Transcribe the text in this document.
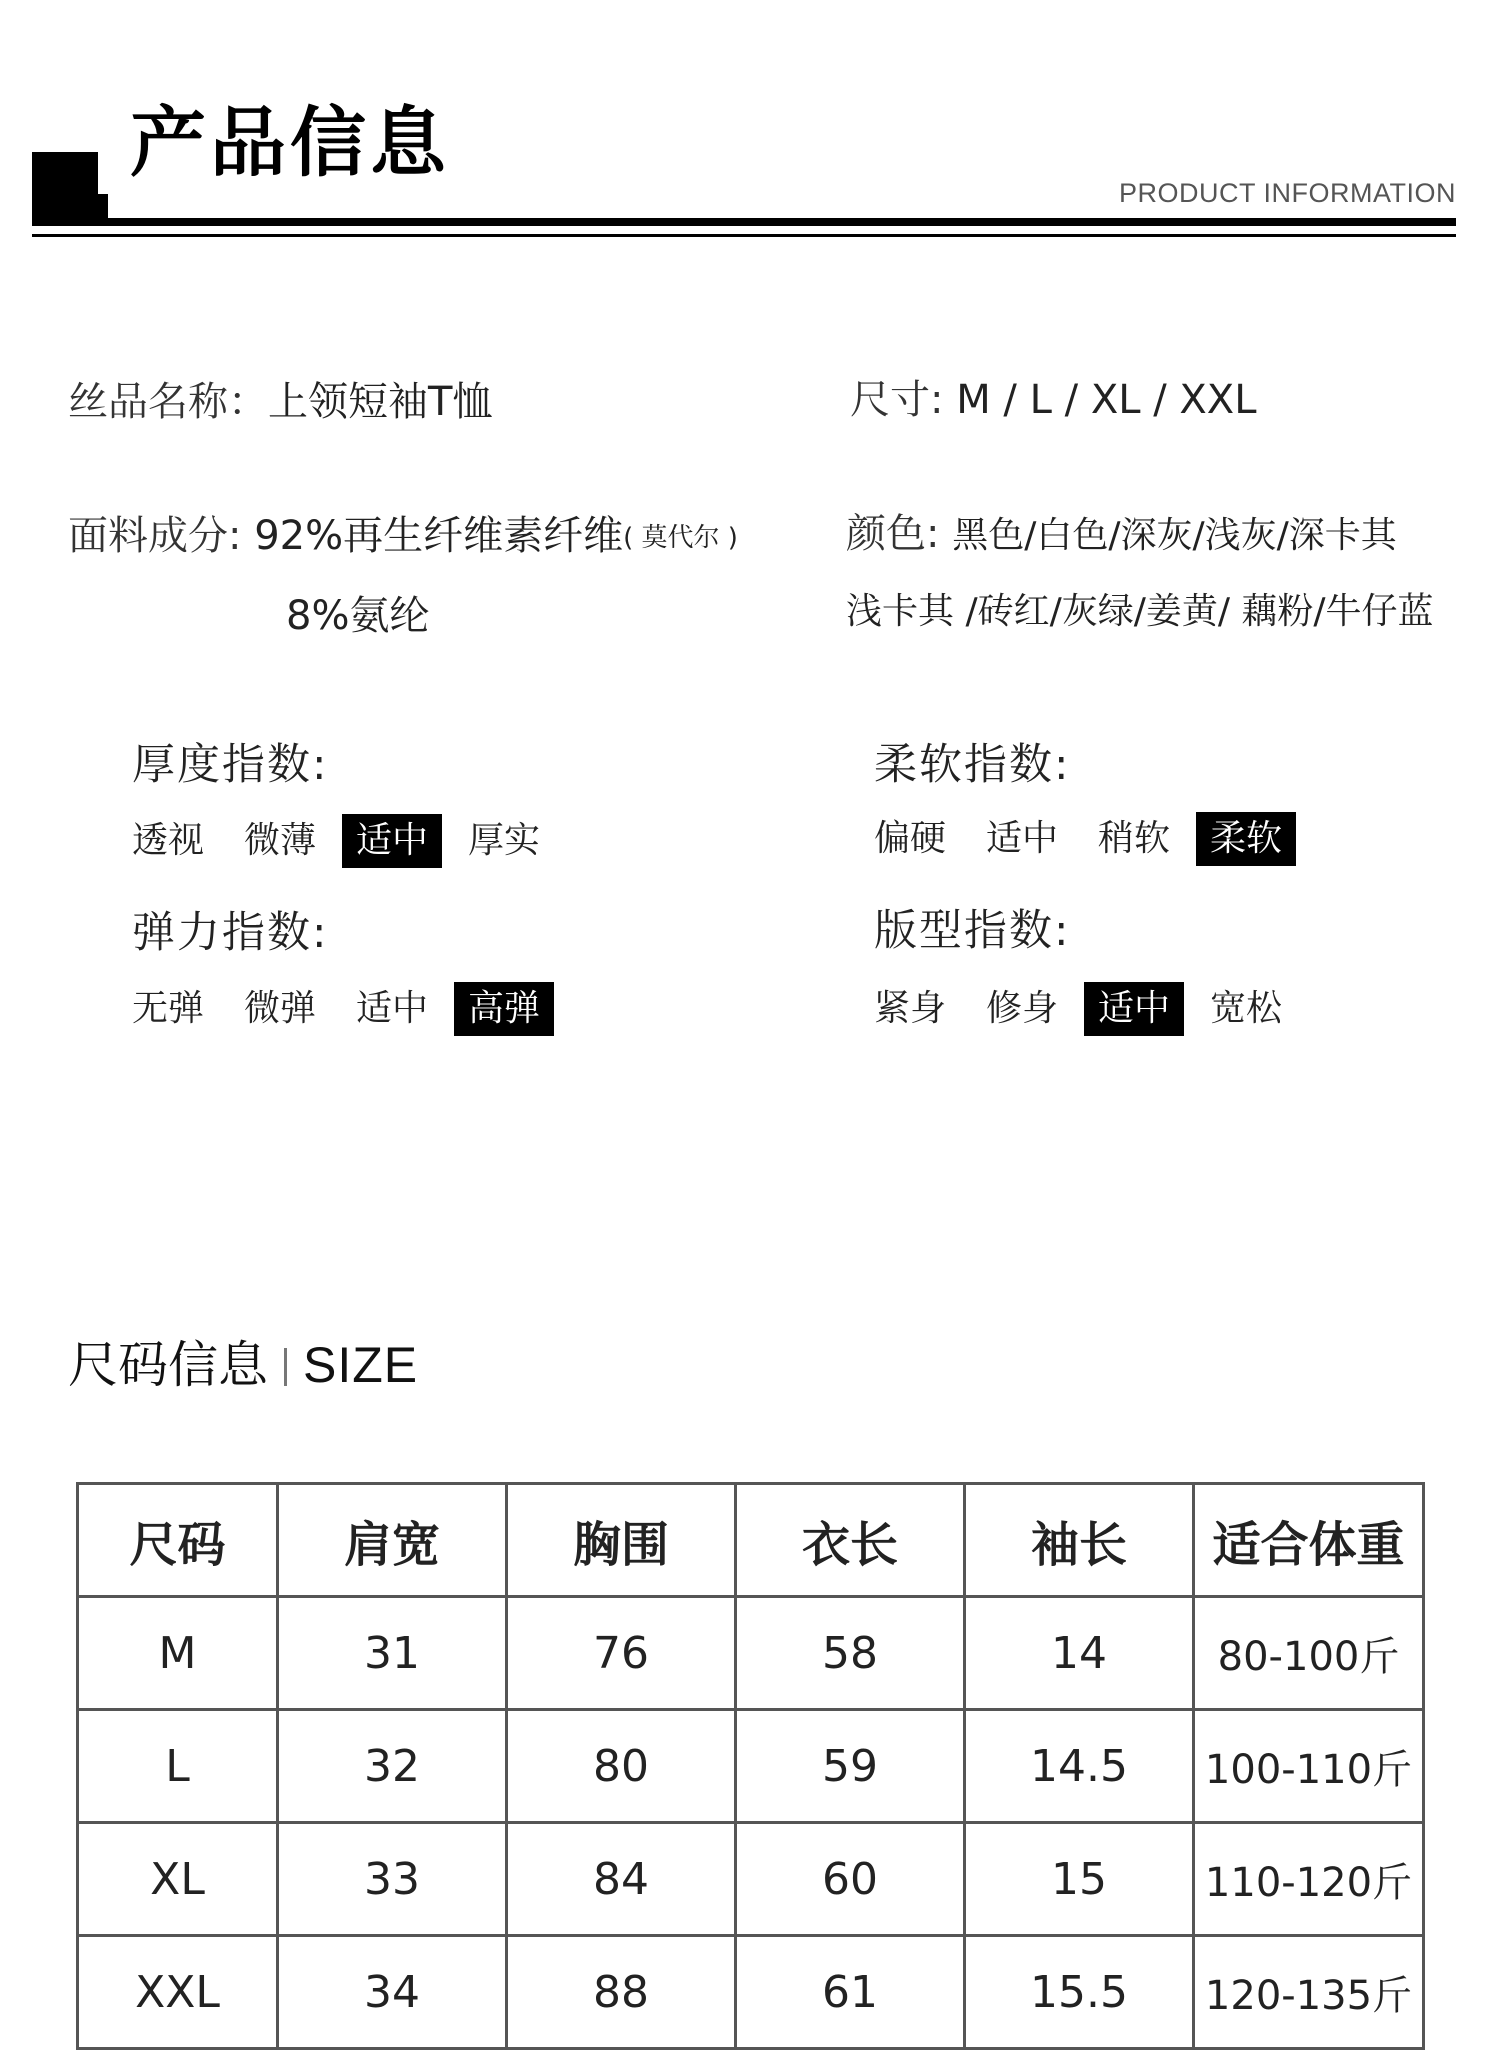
产品信息
PRODUCT INFORMATION
丝品名称：上领短袖T恤	尺寸: M / L / XL / XXL
面料成分: 92%再生纤维素纤维( 莫代尔 )
8%氨纶
颜色: 黑色/白色/深灰/浅灰/深卡其
浅卡其 /砖红/灰绿/姜黄/ 藕粉/牛仔蓝
厚度指数:
透视	微薄	适中	厚实
柔软指数:
偏硬	适中	稍软	柔软
弹力指数:
无弹	微弹	适中	高弹
版型指数:
紧身	修身	适中	宽松
尺码信息 SIZE
尺码	肩宽	胸围	衣长	袖长	适合体重
M	31	76	58	14	80-100斤
L	32	80	59	14.5	100-110斤
XL	33	84	60	15	110-120斤
XXL	34	88	61	15.5	120-135斤
